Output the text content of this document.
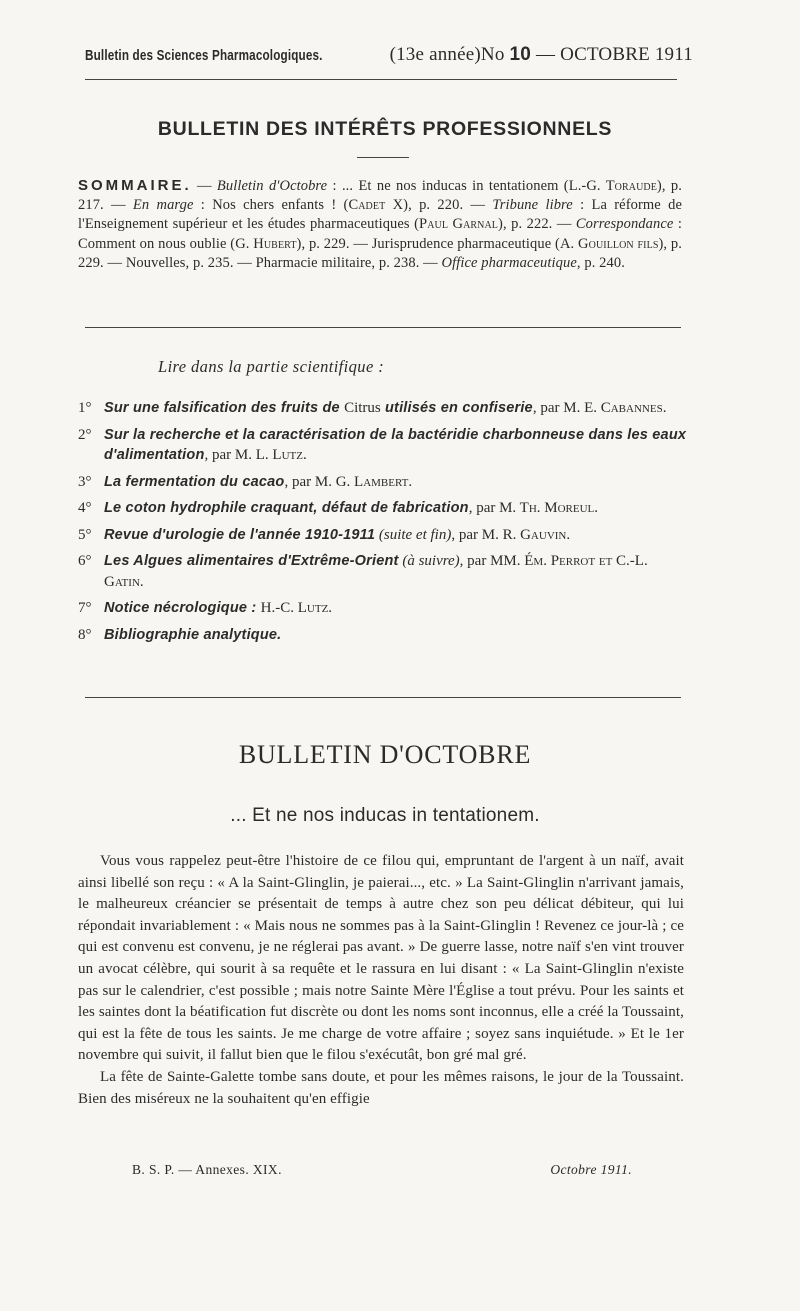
Bulletin des Sciences Pharmacologiques.	(13e année) No 10 — OCTOBRE 1911
BULLETIN DES INTÉRÊTS PROFESSIONNELS
SOMMAIRE. — Bulletin d'Octobre : ... Et ne nos inducas in tentationem (L.-G. Toraude), p. 217. — En marge : Nos chers enfants ! (Cadet X), p. 220. — Tribune libre : La réforme de l'Enseignement supérieur et les études pharmaceutiques (Paul Garnal), p. 222. — Correspondance : Comment on nous oublie (G. Hubert), p. 229. — Jurisprudence pharmaceutique (A. Gouillon fils), p. 229. — Nouvelles, p. 235. — Pharmacie militaire, p. 238. — Office pharmaceutique, p. 240.
Lire dans la partie scientifique :
1° Sur une falsification des fruits de Citrus utilisés en confiserie, par M. E. Cabannes.
2° Sur la recherche et la caractérisation de la bactéridie charbonneuse dans les eaux d'alimentation, par M. L. Lutz.
3° La fermentation du cacao, par M. G. Lambert.
4° Le coton hydrophile craquant, défaut de fabrication, par M. Th. Moreul.
5° Revue d'urologie de l'année 1910-1911 (suite et fin), par M. R. Gauvin.
6° Les Algues alimentaires d'Extrême-Orient (à suivre), par MM. Ém. Perrot et C.-L. Gatin.
7° Notice nécrologique : H.-C. Lutz.
8° Bibliographie analytique.
BULLETIN D'OCTOBRE
... Et ne nos inducas in tentationem.

Vous vous rappelez peut-être l'histoire de ce filou qui, empruntant de l'argent à un naïf, avait ainsi libellé son reçu : « A la Saint-Glinglin, je paierai..., etc. » La Saint-Glinglin n'arrivant jamais, le malheureux créancier se présentait de temps à autre chez son peu délicat débiteur, qui lui répondait invariablement : « Mais nous ne sommes pas à la Saint-Glinglin ! Revenez ce jour-là ; ce qui est convenu est convenu, je ne réglerai pas avant. » De guerre lasse, notre naïf s'en vint trouver un avocat célèbre, qui sourit à sa requête et le rassura en lui disant : « La Saint-Glinglin n'existe pas sur le calendrier, c'est possible ; mais notre Sainte Mère l'Église a tout prévu. Pour les saints et les saintes dont la béatification fut discrète ou dont les noms sont inconnus, elle a créé la Toussaint, qui est la fête de tous les saints. Je me charge de votre affaire ; soyez sans inquiétude. » Et le 1er novembre qui suivit, il fallut bien que le filou s'exécutât, bon gré mal gré.

La fête de Sainte-Galette tombe sans doute, et pour les mêmes raisons, le jour de la Toussaint. Bien des miséreux ne la souhaitent qu'en effigie

B. S. P. — Annexes. XIX.	Octobre 1911.
